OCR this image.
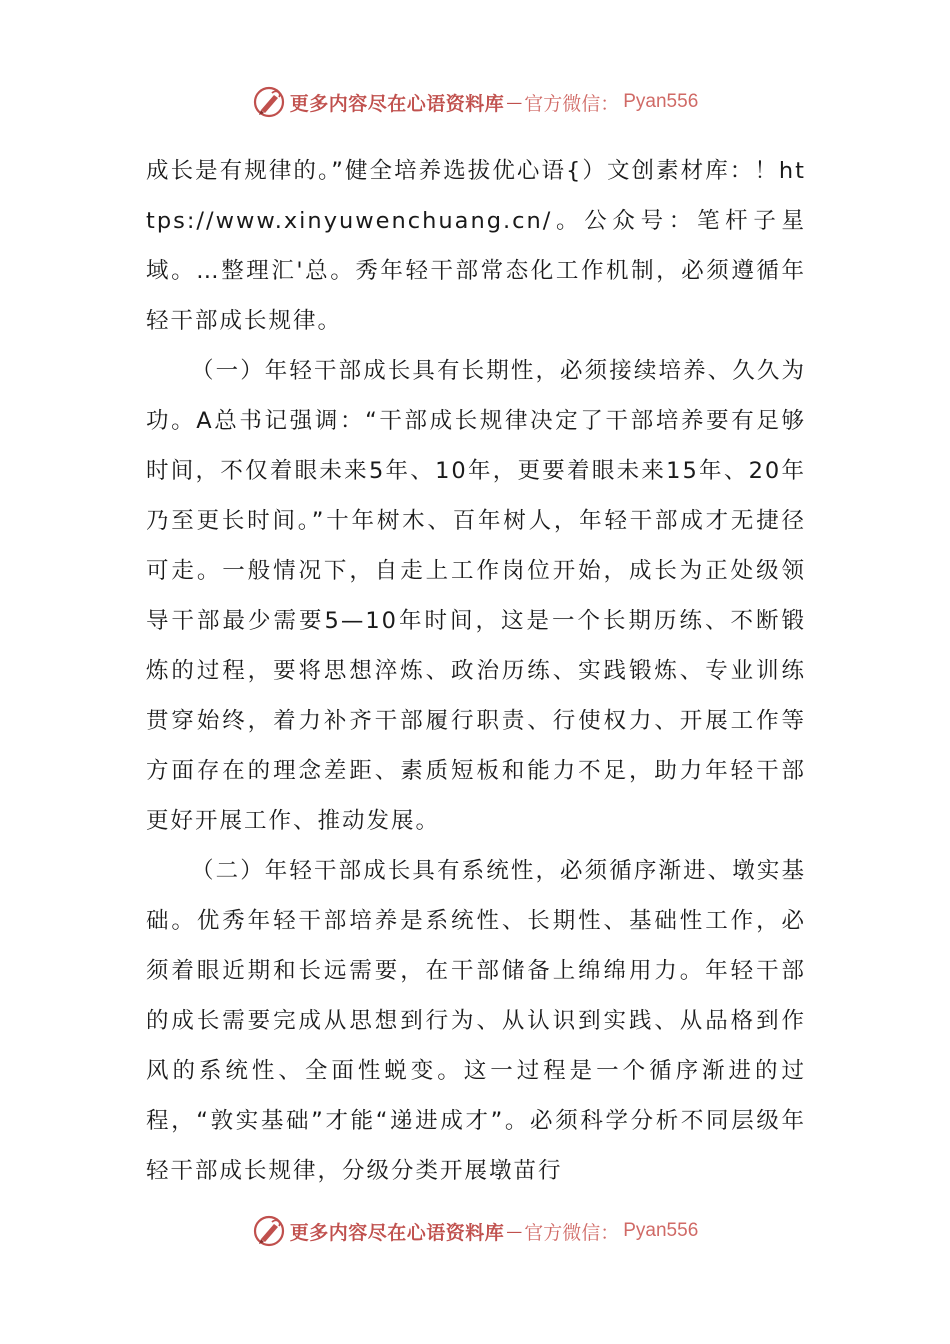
更多内容尽在心语资料库 — 官方微信： Pyan556

成长是有规律的。”健全培养选拔优心语{）文创素材库：！https://www.xinyuwenchuang.cn/。公众号：笔杆子星域。…整理汇'总。秀年轻干部常态化工作机制，必须遵循年轻干部成长规律。

（一）年轻干部成长具有长期性，必须接续培养、久久为功。A总书记强调：“干部成长规律决定了干部培养要有足够时间，不仅着眼未来5年、10年，更要着眼未来15年、20年乃至更长时间。”十年树木、百年树人，年轻干部成才无捷径可走。一般情况下，自走上工作岗位开始，成长为正处级领导干部最少需要5—10年时间，这是一个长期历练、不断锻炼的过程，要将思想淬炼、政治历练、实践锻炼、专业训练贯穿始终，着力补齐干部履行职责、行使权力、开展工作等方面存在的理念差距、素质短板和能力不足，助力年轻干部更好开展工作、推动发展。

（二）年轻干部成长具有系统性，必须循序渐进、墩实基础。优秀年轻干部培养是系统性、长期性、基础性工作，必须着眼近期和长远需要，在干部储备上绵绵用力。年轻干部的成长需要完成从思想到行为、从认识到实践、从品格到作风的系统性、全面性蜕变。这一过程是一个循序渐进的过程，“敦实基础”才能“递进成才”。必须科学分析不同层级年轻干部成长规律，分级分类开展墩苗行

更多内容尽在心语资料库 — 官方微信： Pyan556
